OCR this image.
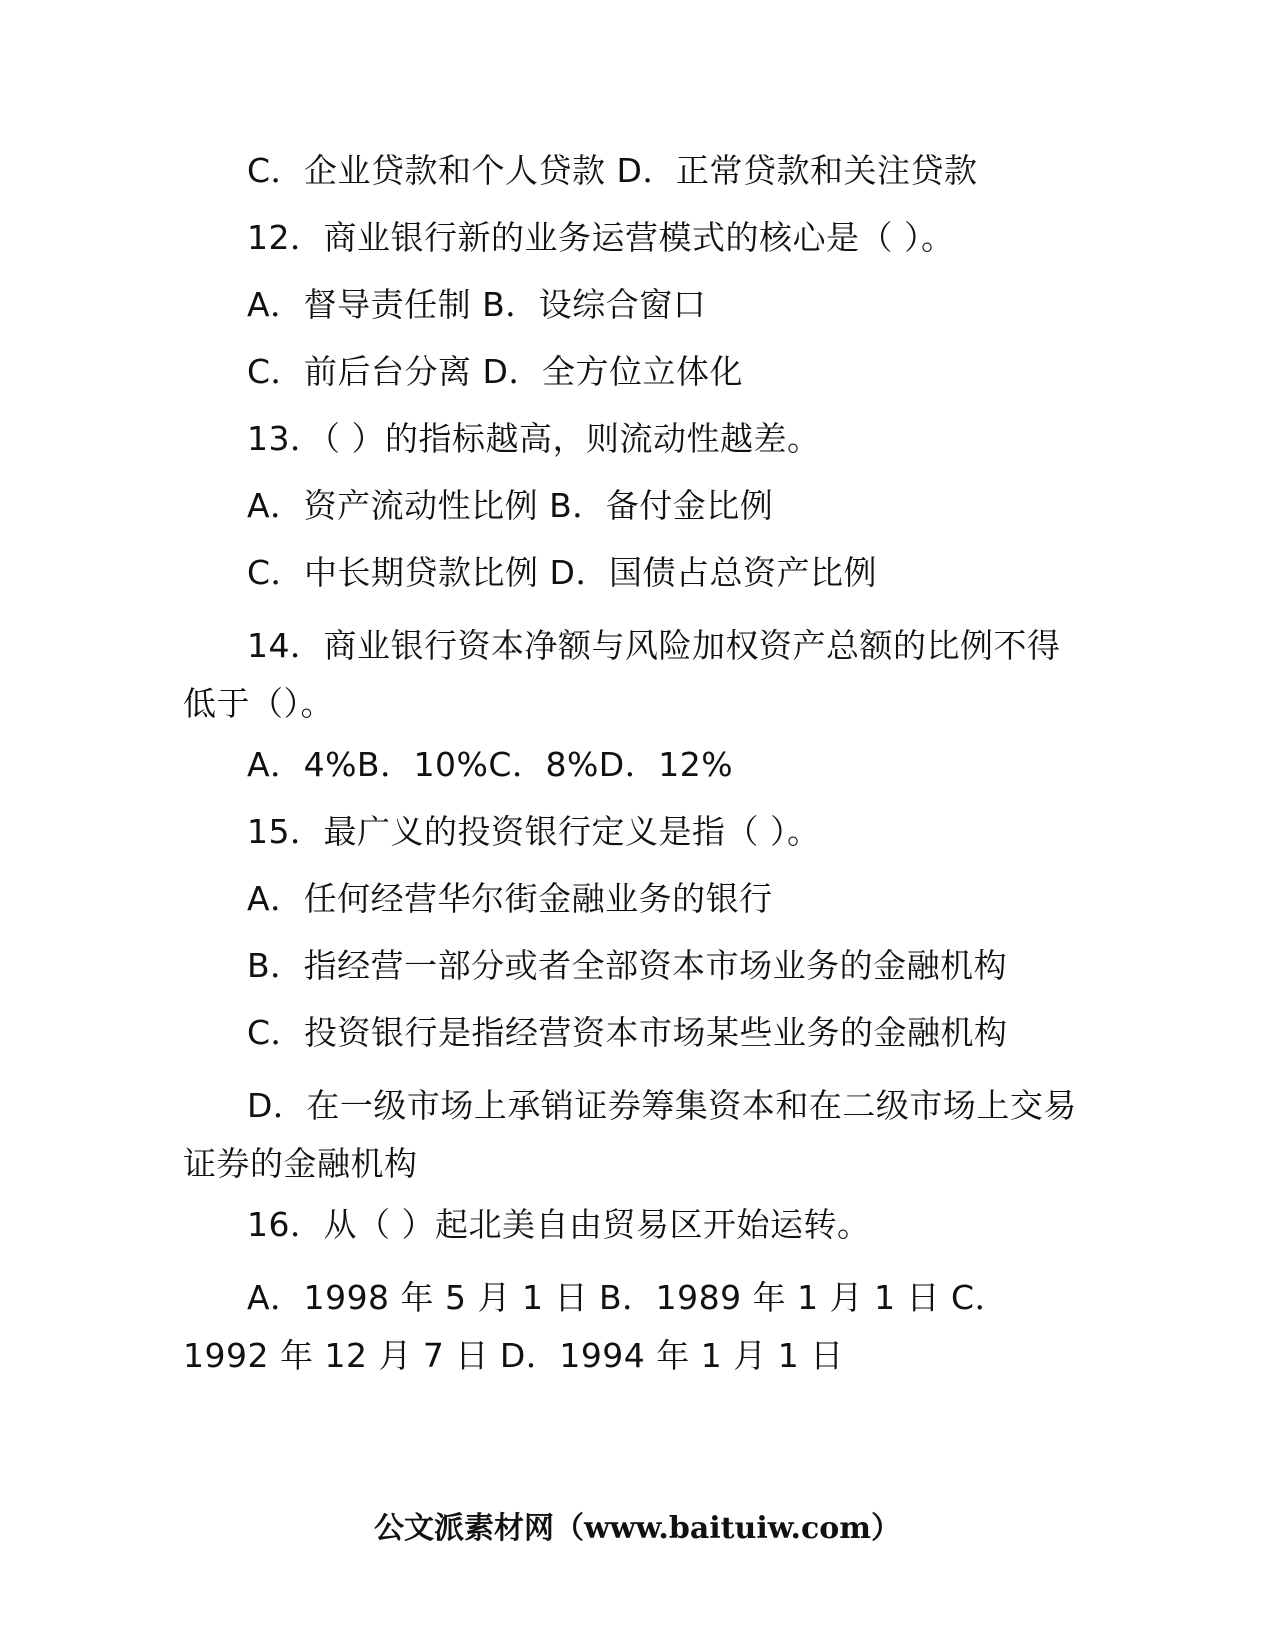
C．企业贷款和个人贷款 D．正常贷款和关注贷款

12．商业银行新的业务运营模式的核心是（ ）。

A．督导责任制 B．设综合窗口

C．前后台分离 D．全方位立体化

13．（ ）的指标越高，则流动性越差。

A．资产流动性比例 B．备付金比例

C．中长期贷款比例 D．国债占总资产比例

14．商业银行资本净额与风险加权资产总额的比例不得低于（）。

A．4%B．10%C．8%D．12%

15．最广义的投资银行定义是指（ ）。

A．任何经营华尔街金融业务的银行

B．指经营一部分或者全部资本市场业务的金融机构

C．投资银行是指经营资本市场某些业务的金融机构

D．在一级市场上承销证券筹集资本和在二级市场上交易证券的金融机构

16．从（ ）起北美自由贸易区开始运转。

A．1998 年 5 月 1 日 B．1989 年 1 月 1 日 C．1992 年 12 月 7 日 D．1994 年 1 月 1 日

公文派素材网（www.baituiw.com）
